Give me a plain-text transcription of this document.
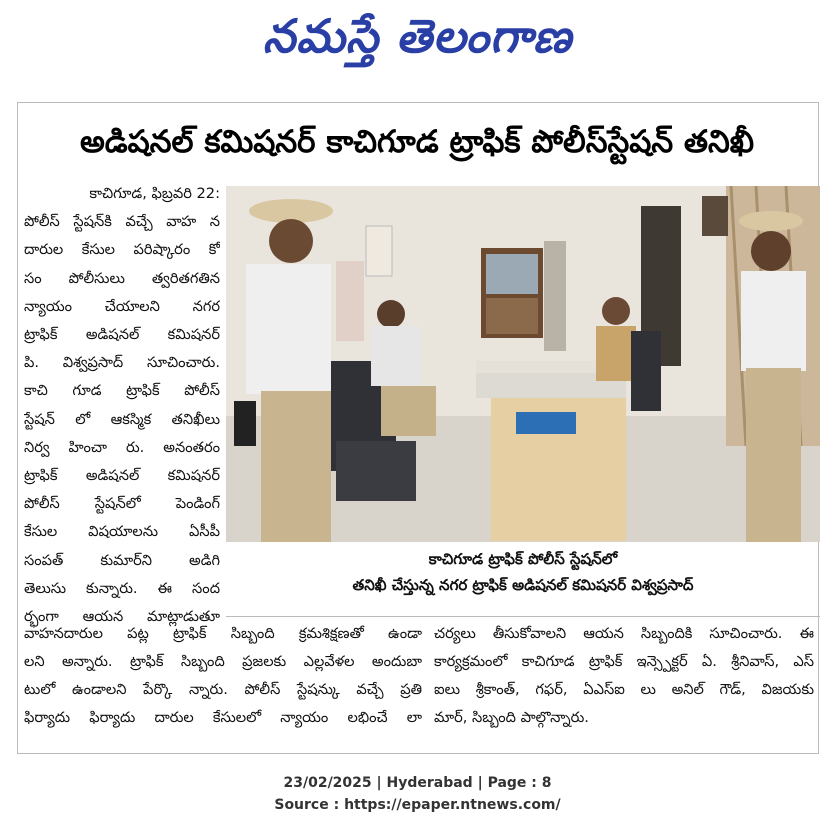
నమస్తే తెలంగాణ
అడిషనల్ కమిషనర్ కాచిగూడ ట్రాఫిక్ పోలీస్‌స్టేషన్ తనిఖీ

కాచిగూడ, ఫిబ్రవరి 22:

పోలీస్ స్టేషన్‌కి వచ్చే వాహ న

దారుల కేసుల పరిష్కారం కో

సం పోలీసులు త్వరితగతిన

న్యాయం చేయాలని నగర

ట్రాఫిక్ అడిషనల్ కమిషనర్

పి. విశ్వప్రసాద్ సూచించారు.

కాచి గూడ ట్రాఫిక్ పోలీస్

స్టేషన్ లో ఆకస్మిక తనిఖీలు

నిర్వ హించా రు. అనంతరం

ట్రాఫిక్ అడిషనల్ కమిషనర్

పోలీస్ స్టేషన్‌లో పెండింగ్

కేసుల విషయాలను ఏసీపీ

సంపత్ కుమార్‌ని అడిగి

తెలుసు కున్నారు. ఈ సంద

ర్భంగా ఆయన మాట్లాడుతూ

కాచిగూడ ట్రాఫిక్ పోలీస్ స్టేషన్‌లో
తనిఖీ చేస్తున్న నగర ట్రాఫిక్ అడిషనల్ కమిషనర్ విశ్వప్రసాద్

వాహనదారుల పట్ల ట్రాఫిక్ సిబ్బంది క్రమశిక్షణతో ఉండా

లని అన్నారు. ట్రాఫిక్ సిబ్బంది ప్రజలకు ఎల్లవేళల అందుబా

టులో ఉండాలని పేర్కొ న్నారు. పోలీస్ స్టేషన్కు వచ్చే ప్రతి

ఫిర్యాదు ఫిర్యాదు దారుల కేసులలో న్యాయం లభించే లా

చర్యలు తీసుకోవాలని ఆయన సిబ్బందికి సూచించారు. ఈ

కార్యక్రమంలో కాచిగూడ ట్రాఫిక్ ఇన్స్పెక్టర్ ఏ. శ్రీనివాస్, ఎస్

ఐలు శ్రీకాంత్, గఫర్, ఏఎస్ఐ లు అనిల్ గౌడ్, విజయకు

మార్, సిబ్బంది పాల్గొన్నారు.

23/02/2025 | Hyderabad | Page : 8
Source : https://epaper.ntnews.com/
